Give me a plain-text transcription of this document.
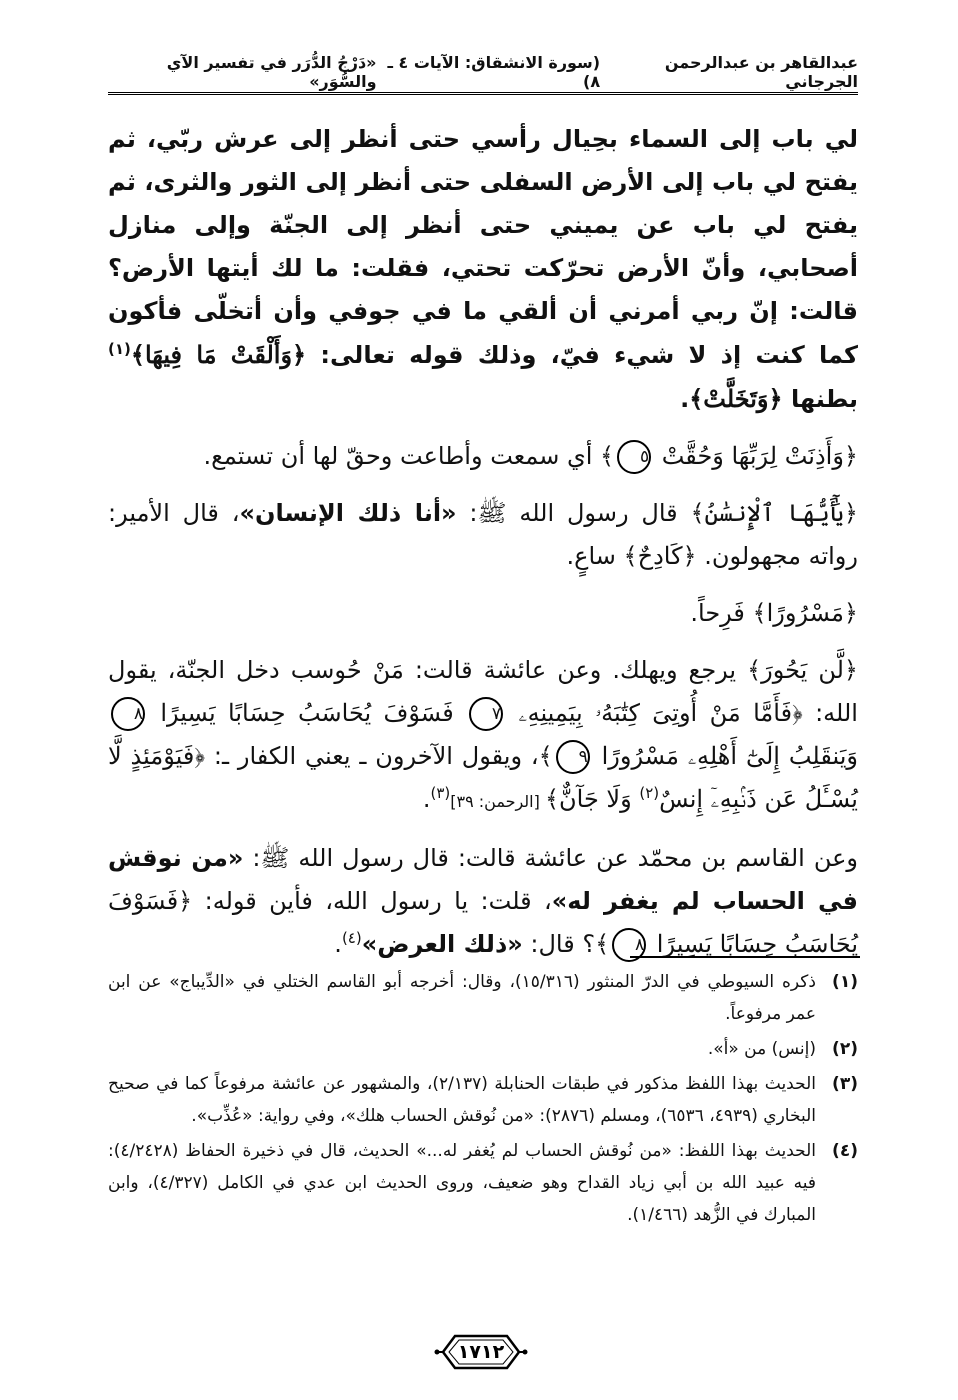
عبدالقاهر بن عبدالرحمن الجرجاني
(سورة الانشقاق: الآيات ٤ ـ ٨)
«دَرْجُ الدُّرَر في تفسير الآي والسُّوَر»

لي باب إلى السماء بحِيال رأسي حتى أنظر إلى عرش ربّي، ثم يفتح لي باب إلى الأرض السفلى حتى أنظر إلى الثور والثرى، ثم يفتح لي باب عن يميني حتى أنظر إلى الجنّة وإلى منازل أصحابي، وأنّ الأرض تحرّكت تحتي، فقلت: ما لك أيتها الأرض؟ قالت: إنّ ربي أمرني أن ألقي ما في جوفي وأن أتخلّى فأكون كما كنت إذ لا شيء فيّ، وذلك قوله تعالى: ﴿وَأَلْقَتْ مَا فِيهَا﴾$^{(١)}$ بطنها ﴿وَتَخَلَّتْ﴾.

﴿وَأَذِنَتْ لِرَبِّهَا وَحُقَّتْ ٥﴾ أي سمعت وأطاعت وحقّ لها أن تستمع.

﴿يَٰٓأَيُّهَا ٱلْإِنسَٰنُ﴾ قال رسول الله ﷺ: «أنا ذلك الإنسان»، قال الأمير: رواته مجهولون. ﴿كَادِحٌ﴾ ساعٍ.

﴿مَسْرُورًا﴾ فَرِحاً.

﴿لَّن يَحُورَ﴾ يرجع ويهلك. وعن عائشة قالت: مَنْ حُوسب دخل الجنّة، يقول الله: ﴿فَأَمَّا مَنْ أُوتِىَ كِتَٰبَهُۥ بِيَمِينِهِۦ ٧ فَسَوْفَ يُحَاسَبُ حِسَابًا يَسِيرًا ٨ وَيَنقَلِبُ إِلَىٰٓ أَهْلِهِۦ مَسْرُورًا ٩﴾، ويقول الآخرون ـ يعني الكفار ـ: ﴿فَيَوْمَئِذٍ لَّا يُسْـَٔلُ عَن ذَنۢبِهِۦٓ إِنسٌ$^{(٢)}$ وَلَا جَآنٌّ﴾ [الرحمن: ٣٩]$^{(٣)}$.

وعن القاسم بن محمّد عن عائشة قالت: قال رسول الله ﷺ: «من نوقش في الحساب لم يغفر له»، قلت: يا رسول الله، فأين قوله: ﴿فَسَوْفَ يُحَاسَبُ حِسَابًا يَسِيرًا ٨﴾؟ قال: «ذلك العرض»$^{(٤)}$.

(١)
ذكره السيوطي في الدرّ المنثور (١٥/٣١٦)، وقال: أخرجه أبو القاسم الختلي في «الدِّيباج» عن ابن عمر مرفوعاً.
(٢)
(إنس) من «أ».
(٣)
الحديث بهذا اللفظ مذكور في طبقات الحنابلة (٢/١٣٧)، والمشهور عن عائشة مرفوعاً كما في صحيح البخاري (٤٩٣٩، ٦٥٣٦)، ومسلم (٢٨٧٦): «من نُوقش الحساب هلك»، وفي رواية: «عُذِّب».
(٤)
الحديث بهذا اللفظ: «من نُوقش الحساب لم يُغفر له...» الحديث، قال في ذخيرة الحفاظ (٤/٢٤٢٨): فيه عبيد الله بن أبي زياد القداح وهو ضعيف، وروى الحديث ابن عدي في الكامل (٤/٣٢٧)، وابن المبارك في الزُّهد (١/٤٦٦).
١٧١٢
